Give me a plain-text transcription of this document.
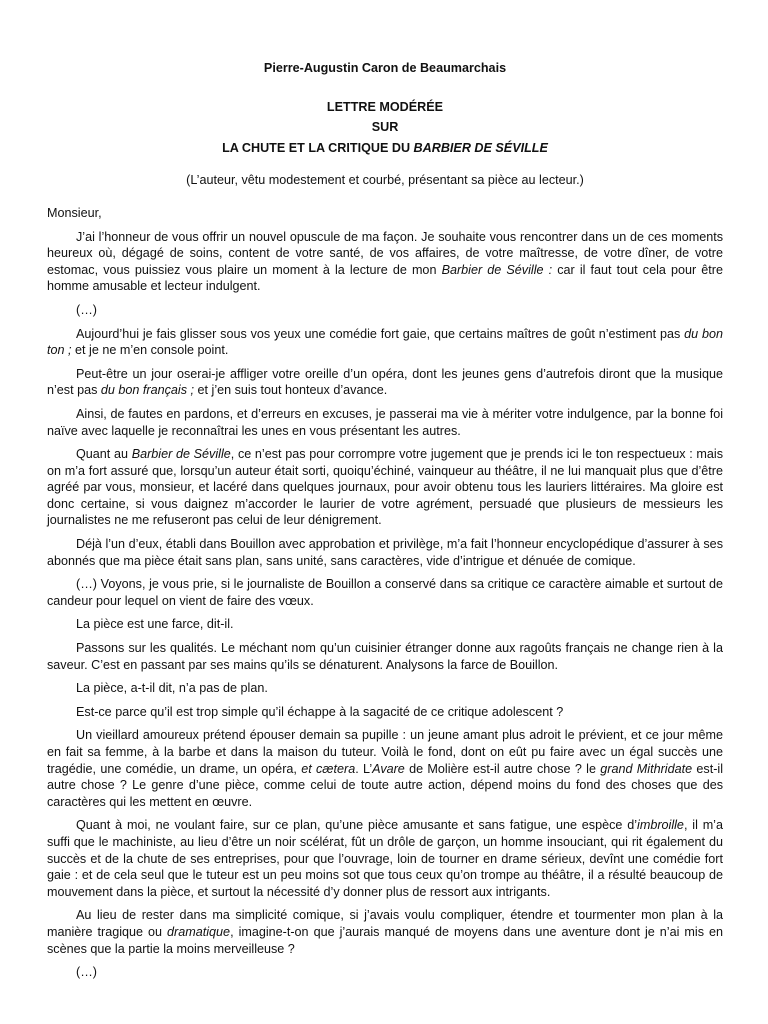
Pierre-Augustin Caron de Beaumarchais
LETTRE MODÉRÉE
SUR
LA CHUTE ET LA CRITIQUE DU BARBIER DE SÉVILLE
(L’auteur, vêtu modestement et courbé, présentant sa pièce au lecteur.)
Monsieur,

J’ai l’honneur de vous offrir un nouvel opuscule de ma façon. Je souhaite vous rencontrer dans un de ces moments heureux où, dégagé de soins, content de votre santé, de vos affaires, de votre maîtresse, de votre dîner, de votre estomac, vous puissiez vous plaire un moment à la lecture de mon Barbier de Séville : car il faut tout cela pour être homme amusable et lecteur indulgent.

(…)

Aujourd’hui je fais glisser sous vos yeux une comédie fort gaie, que certains maîtres de goût n’estiment pas du bon ton ; et je ne m’en console point.

Peut-être un jour oserai-je affliger votre oreille d’un opéra, dont les jeunes gens d’autrefois diront que la musique n’est pas du bon français ; et j’en suis tout honteux d’avance.

Ainsi, de fautes en pardons, et d’erreurs en excuses, je passerai ma vie à mériter votre indulgence, par la bonne foi naïve avec laquelle je reconnaîtrai les unes en vous présentant les autres.

Quant au Barbier de Séville, ce n’est pas pour corrompre votre jugement que je prends ici le ton respectueux : mais on m’a fort assuré que, lorsqu’un auteur était sorti, quoiqu’échiné, vainqueur au théâtre, il ne lui manquait plus que d’être agréé par vous, monsieur, et lacéré dans quelques journaux, pour avoir obtenu tous les lauriers littéraires. Ma gloire est donc certaine, si vous daignez m’accorder le laurier de votre agrément, persuadé que plusieurs de messieurs les journalistes ne me refuseront pas celui de leur dénigrement.

Déjà l’un d’eux, établi dans Bouillon avec approbation et privilège, m’a fait l’honneur encyclopédique d’assurer à ses abonnés que ma pièce était sans plan, sans unité, sans caractères, vide d’intrigue et dénuée de comique.

(…) Voyons, je vous prie, si le journaliste de Bouillon a conservé dans sa critique ce caractère aimable et surtout de candeur pour lequel on vient de faire des vœux.

La pièce est une farce, dit-il.

Passons sur les qualités. Le méchant nom qu’un cuisinier étranger donne aux ragoûts français ne change rien à la saveur. C’est en passant par ses mains qu’ils se dénaturent. Analysons la farce de Bouillon.

La pièce, a-t-il dit, n’a pas de plan.

Est-ce parce qu’il est trop simple qu’il échappe à la sagacité de ce critique adolescent ?

Un vieillard amoureux prétend épouser demain sa pupille : un jeune amant plus adroit le prévient, et ce jour même en fait sa femme, à la barbe et dans la maison du tuteur. Voilà le fond, dont on eût pu faire avec un égal succès une tragédie, une comédie, un drame, un opéra, et cætera. L’Avare de Molière est-il autre chose ? le grand Mithridate est-il autre chose ? Le genre d’une pièce, comme celui de toute autre action, dépend moins du fond des choses que des caractères qui les mettent en œuvre.

Quant à moi, ne voulant faire, sur ce plan, qu’une pièce amusante et sans fatigue, une espèce d’imbroille, il m’a suffi que le machiniste, au lieu d’être un noir scélérat, fût un drôle de garçon, un homme insouciant, qui rit également du succès et de la chute de ses entreprises, pour que l’ouvrage, loin de tourner en drame sérieux, devînt une comédie fort gaie : et de cela seul que le tuteur est un peu moins sot que tous ceux qu’on trompe au théâtre, il a résulté beaucoup de mouvement dans la pièce, et surtout la nécessité d’y donner plus de ressort aux intrigants.

Au lieu de rester dans ma simplicité comique, si j’avais voulu compliquer, étendre et tourmenter mon plan à la manière tragique ou dramatique, imagine-t-on que j’aurais manqué de moyens dans une aventure dont je n’ai mis en scènes que la partie la moins merveilleuse ?

(…)
